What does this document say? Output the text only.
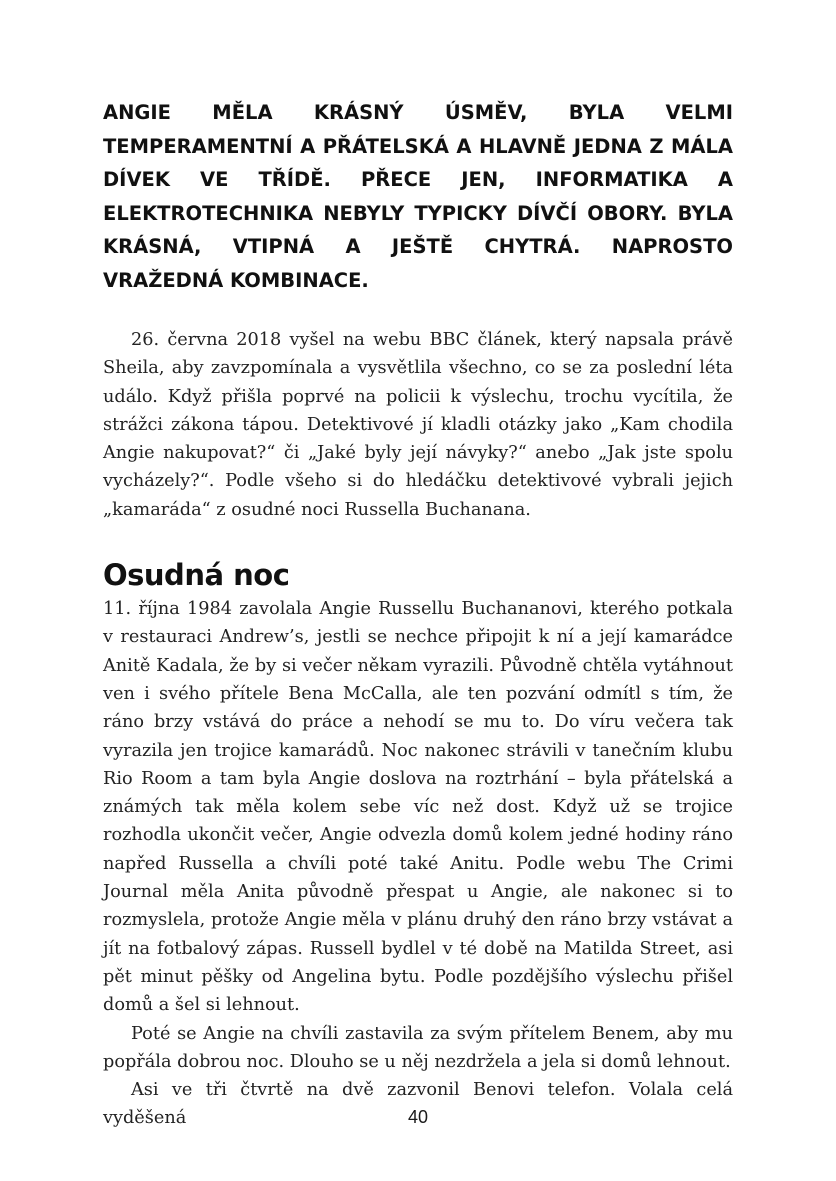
ANGIE MĚLA KRÁSNÝ ÚSMĚV, BYLA VELMI TEMPERAMENTNÍ A PŘÁTELSKÁ A HLAVNĚ JEDNA Z MÁLA DÍVEK VE TŘÍDĚ. PŘECE JEN, INFORMATIKA A ELEKTROTECHNIKA NEBYLY TYPICKY DÍVČÍ OBORY. BYLA KRÁSNÁ, VTIPNÁ A JEŠTĚ CHYTRÁ. NAPROSTO VRAŽEDNÁ KOMBINACE.

26. června 2018 vyšel na webu BBC článek, který napsala právě Sheila, aby zavzpomínala a vysvětlila všechno, co se za poslední léta událo. Když přišla poprvé na policii k výslechu, trochu vycítila, že strážci zákona tápou. Detektivové jí kladli otázky jako „Kam chodila Angie nakupovat?“ či „Jaké byly její návyky?“ anebo „Jak jste spolu vycházely?“. Podle všeho si do hledáčku detektivové vybrali jejich „kamaráda“ z osudné noci Russella Buchanana.

Osudná noc

11. října 1984 zavolala Angie Russellu Buchananovi, kterého potkala v restauraci Andrew’s, jestli se nechce připojit k ní a její kamarádce Anitě Kadala, že by si večer někam vyrazili. Původně chtěla vytáhnout ven i svého přítele Bena McCalla, ale ten pozvání odmítl s tím, že ráno brzy vstává do práce a nehodí se mu to. Do víru večera tak vyrazila jen trojice kamarádů. Noc nakonec strávili v tanečním klubu Rio Room a tam byla Angie doslova na roztrhání – byla přátelská a známých tak měla kolem sebe víc než dost. Když už se trojice rozhodla ukončit večer, Angie odvezla domů kolem jedné hodiny ráno napřed Russella a chvíli poté také Anitu. Podle webu The Crimi Journal měla Anita původně přespat u Angie, ale nakonec si to rozmyslela, protože Angie měla v plánu druhý den ráno brzy vstávat a jít na fotbalový zápas. Russell bydlel v té době na Matilda Street, asi pět minut pěšky od Angelina bytu. Podle pozdějšího výslechu přišel domů a šel si lehnout.

Poté se Angie na chvíli zastavila za svým přítelem Benem, aby mu popřála dobrou noc. Dlouho se u něj nezdržela a jela si domů lehnout.

Asi ve tři čtvrtě na dvě zazvonil Benovi telefon. Volala celá vyděšená	40
